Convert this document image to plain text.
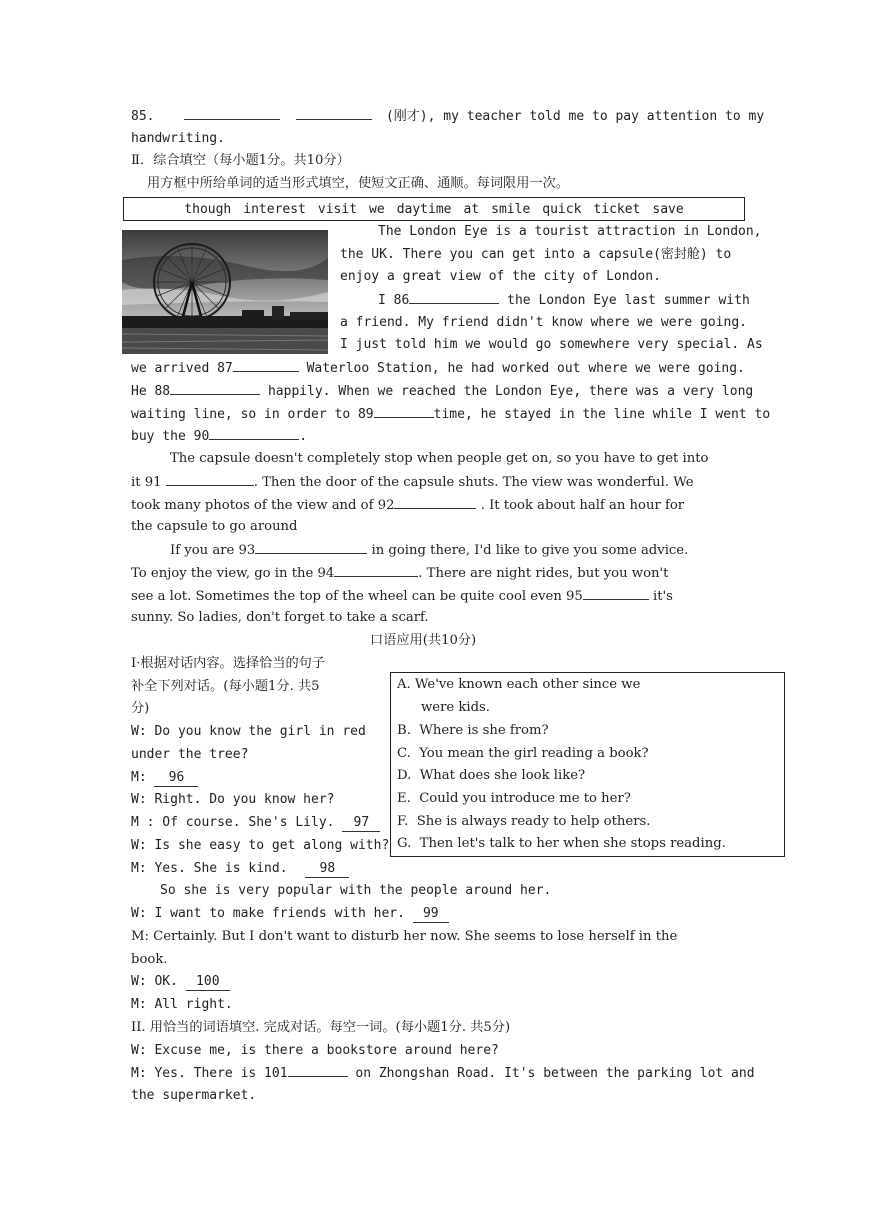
85.	(刚才), my teacher told me to pay attention to my
handwriting.
Ⅱ．综合填空（每小题1分。共10分）
用方框中所给单词的适当形式填空，使短文正确、通顺。每词限用一次。
though interest visit we daytime at smile quick ticket save
The London Eye is a tourist attraction in London,
the UK. There you can get into a capsule(密封舱) to
enjoy a great view of the city of London.
I 86	the London Eye last summer with
a friend. My friend didn't know where we were going.
I just told him we would go somewhere very special. As
we arrived 87	Waterloo Station, he had worked out where we were going.
He 88	happily. When we reached the London Eye, there was a very long
waiting line, so in order to 89	time, he stayed in the line while I went to
buy the 90	.
The capsule doesn't completely stop when people get on, so you have to get into
it 91	. Then the door of the capsule shuts. The view was wonderful. We
took many photos of the view and of 92	. It took about half an hour for
the capsule to go around
If you are 93	in going there, I'd like to give you some advice.
To enjoy the view, go in the 94	. There are night rides, but you won't
see a lot. Sometimes the top of the wheel can be quite cool even 95	it's
sunny. So ladies, don't forget to take a scarf.
口语应用(共10分)
I·根据对话内容。选择恰当的句子
补全下列对话。(每小题1分. 共5
分)
A. We've known each other since we
were kids.
B. Where is she from?
C. You mean the girl reading a book?
D. What does she look like?
E. Could you introduce me to her?
F. She is always ready to help others.
G. Then let's talk to her when she stops reading.
W: Do you know the girl in red
under the tree?
M: 96
W: Right. Do you know her?
M : Of course. She's Lily. 97
W: Is she easy to get along with?
M: Yes. She is kind. 98
So she is very popular with the people around her.
W: I want to make friends with her. 99
M: Certainly. But I don't want to disturb her now. She seems to lose herself in the
book.
W: OK. 100
M: All right.
II. 用恰当的词语填空. 完成对话。每空一词。(每小题1分. 共5分)
W: Excuse me, is there a bookstore around here?
M: Yes. There is 101	on Zhongshan Road. It's between the parking lot and
the supermarket.
